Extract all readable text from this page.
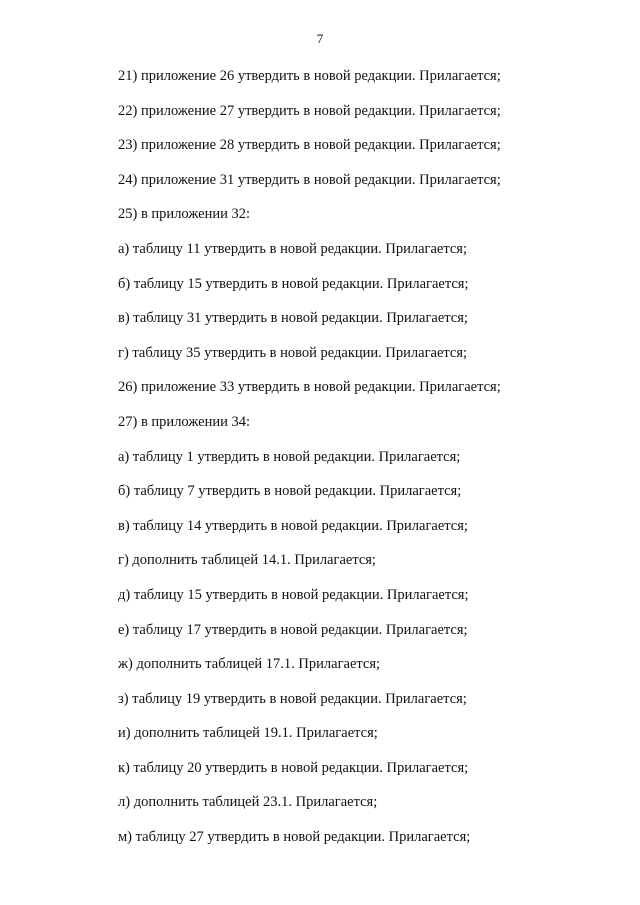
7
21) приложение 26 утвердить в новой редакции. Прилагается;
22) приложение 27 утвердить в новой редакции. Прилагается;
23) приложение 28 утвердить в новой редакции. Прилагается;
24) приложение 31 утвердить в новой редакции. Прилагается;
25) в приложении 32:
а) таблицу 11 утвердить в новой редакции. Прилагается;
б) таблицу 15 утвердить в новой редакции. Прилагается;
в) таблицу 31 утвердить в новой редакции. Прилагается;
г) таблицу 35 утвердить в новой редакции. Прилагается;
26) приложение 33 утвердить в новой редакции. Прилагается;
27) в приложении 34:
а) таблицу 1 утвердить в новой редакции. Прилагается;
б) таблицу 7 утвердить в новой редакции. Прилагается;
в) таблицу 14 утвердить в новой редакции. Прилагается;
г) дополнить таблицей 14.1. Прилагается;
д) таблицу 15 утвердить в новой редакции. Прилагается;
е) таблицу 17 утвердить в новой редакции. Прилагается;
ж) дополнить таблицей 17.1. Прилагается;
з) таблицу 19 утвердить в новой редакции. Прилагается;
и) дополнить таблицей 19.1. Прилагается;
к) таблицу 20 утвердить в новой редакции. Прилагается;
л) дополнить таблицей 23.1. Прилагается;
м) таблицу 27 утвердить в новой редакции. Прилагается;
